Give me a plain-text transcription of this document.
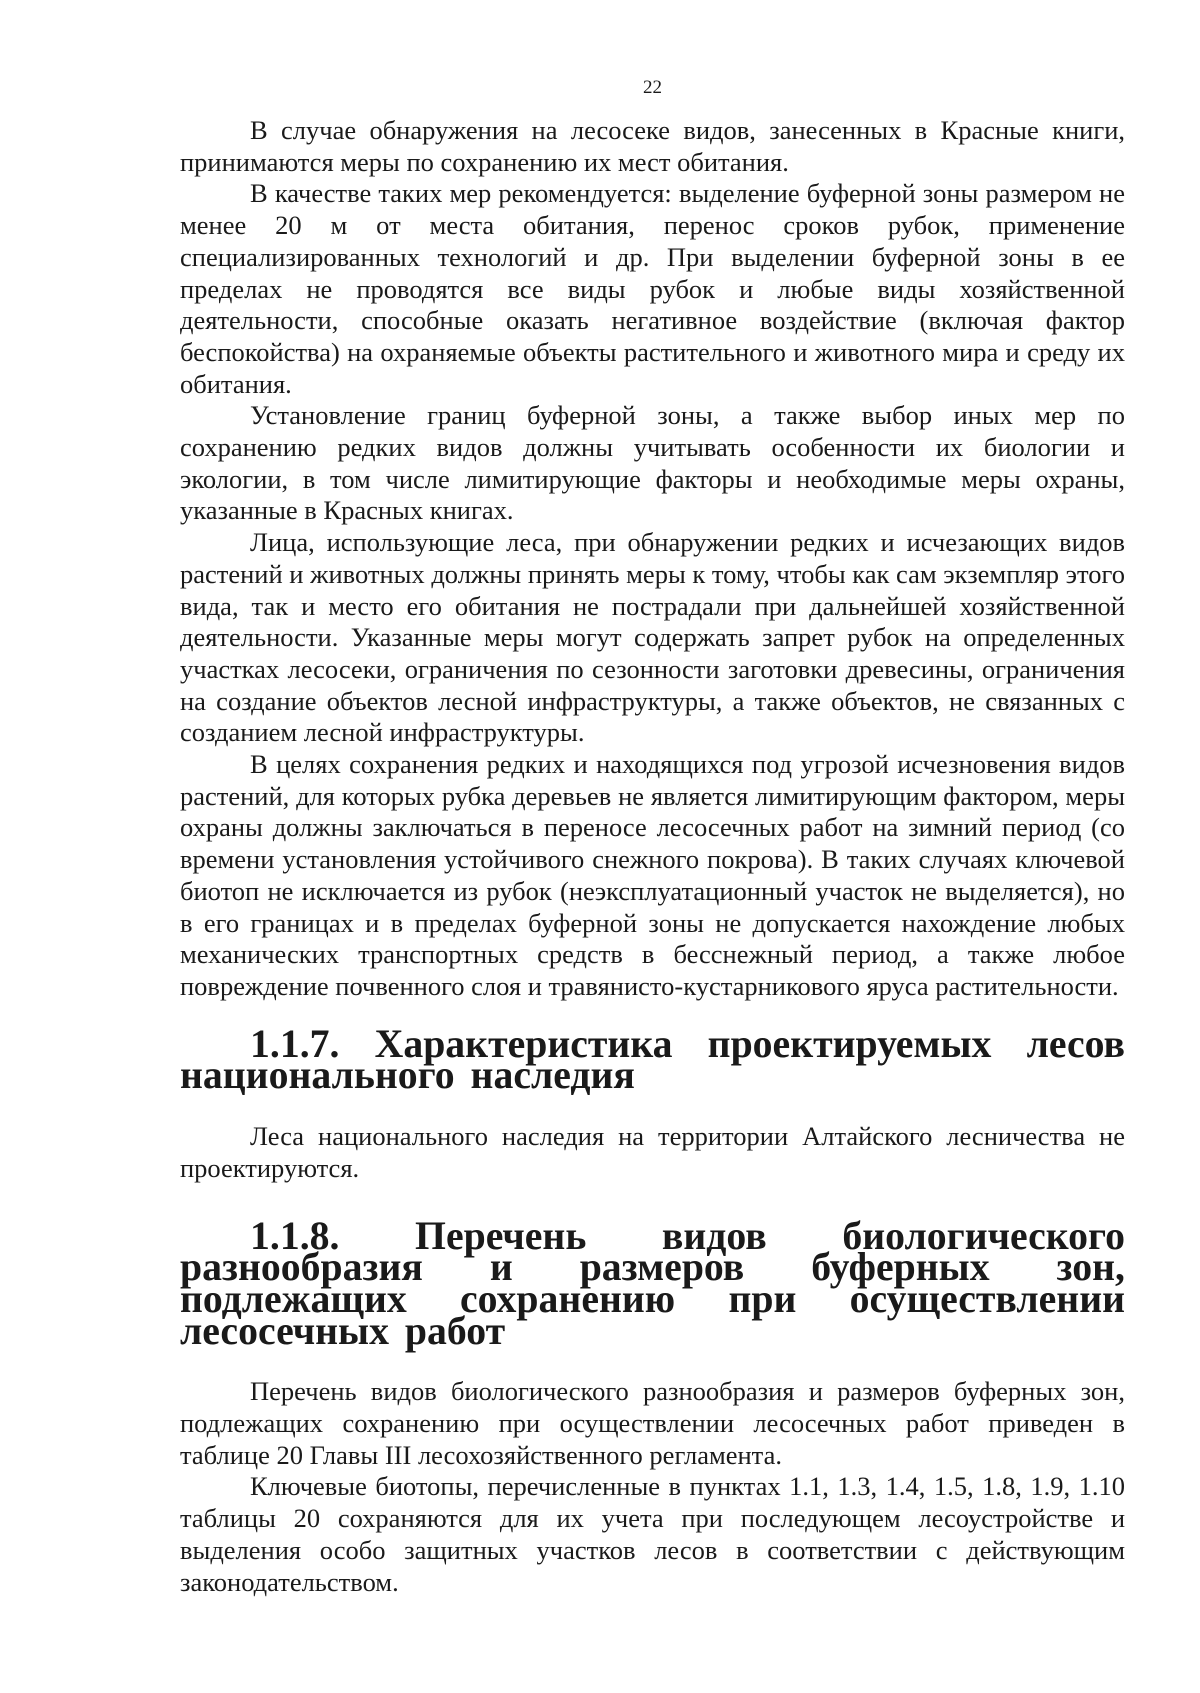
22

В случае обнаружения на лесосеке видов, занесенных в Красные книги, принимаются меры по сохранению их мест обитания.

В качестве таких мер рекомендуется: выделение буферной зоны размером не менее 20 м от места обитания, перенос сроков рубок, применение специализированных технологий и др. При выделении буферной зоны в ее пределах не проводятся все виды рубок и любые виды хозяйственной деятельности, способные оказать негативное воздействие (включая фактор беспокойства) на охраняемые объекты растительного и животного мира и среду их обитания.

Установление границ буферной зоны, а также выбор иных мер по сохранению редких видов должны учитывать особенности их биологии и экологии, в том числе лимитирующие факторы и необходимые меры охраны, указанные в Красных книгах.

Лица, использующие леса, при обнаружении редких и исчезающих видов растений и животных должны принять меры к тому, чтобы как сам экземпляр этого вида, так и место его обитания не пострадали при дальнейшей хозяйственной деятельности. Указанные меры могут содержать запрет рубок на определенных участках лесосеки, ограничения по сезонности заготовки древесины, ограничения на создание объектов лесной инфраструктуры, а также объектов, не связанных с созданием лесной инфраструктуры.

В целях сохранения редких и находящихся под угрозой исчезновения видов растений, для которых рубка деревьев не является лимитирующим фактором, меры охраны должны заключаться в переносе лесосечных работ на зимний период (со времени установления устойчивого снежного покрова). В таких случаях ключевой биотоп не исключается из рубок (неэксплуатационный участок не выделяется), но в его границах и в пределах буферной зоны не допускается нахождение любых механических транспортных средств в бесснежный период, а также любое повреждение почвенного слоя и травянисто-кустарникового яруса растительности.

1.1.7. Характеристика проектируемых лесов национального наследия

Леса национального наследия на территории Алтайского лесничества не проектируются.

1.1.8. Перечень видов биологического разнообразия и размеров буферных зон, подлежащих сохранению при осуществлении лесосечных работ

Перечень видов биологического разнообразия и размеров буферных зон, подлежащих сохранению при осуществлении лесосечных работ приведен в таблице 20 Главы III лесохозяйственного регламента.

Ключевые биотопы, перечисленные в пунктах 1.1, 1.3, 1.4, 1.5, 1.8, 1.9, 1.10 таблицы 20 сохраняются для их учета при последующем лесоустройстве и выделения особо защитных участков лесов в соответствии с действующим законодательством.
